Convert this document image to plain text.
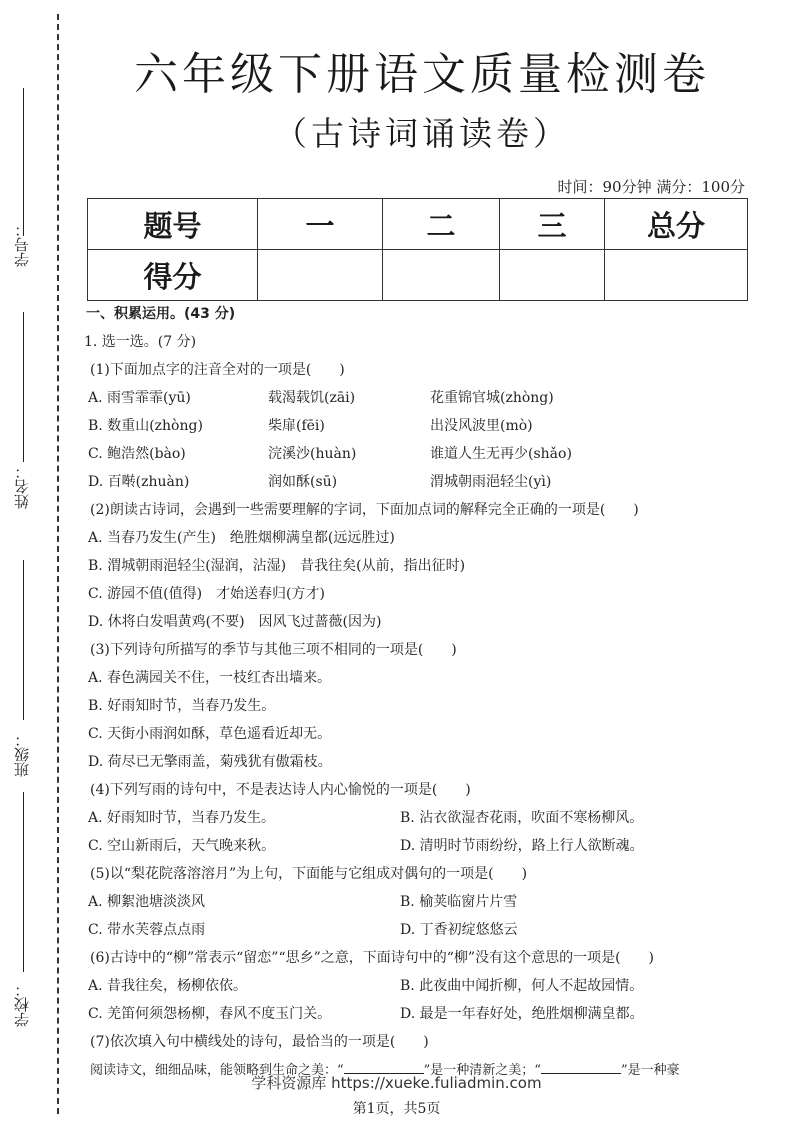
学号：
姓名：
班级：
学校：
六年级下册语文质量检测卷
（古诗词诵读卷）
时间：90分钟 满分：100分
题号	一	二	三	总分
得分				
一、积累运用。(43 分)
1. 选一选。(7 分)
(1)下面加点字的注音全对的一项是(　　)
A. 雨雪霏霏(yū)	载渴载饥(zāi)	花重锦官城(zhòng)
B. 数重山(zhòng)	柴扉(fēi)	出没风波里(mò)
C. 鲍浩然(bào)	浣溪沙(huàn)	谁道人生无再少(shǎo)
D. 百啭(zhuàn)	润如酥(sū)	渭城朝雨浥轻尘(yì)
(2)朗读古诗词，会遇到一些需要理解的字词，下面加点词的解释完全正确的一项是(　　)
A. 当春乃发生(产生)　绝胜烟柳满皇都(远远胜过)
B. 渭城朝雨浥轻尘(湿润，沾湿)　昔我往矣(从前，指出征时)
C. 游园不值(值得)　才始送春归(方才)
D. 休将白发唱黄鸡(不要)　因风飞过蔷薇(因为)
(3)下列诗句所描写的季节与其他三项不相同的一项是(　　)
A. 春色满园关不住，一枝红杏出墙来。
B. 好雨知时节，当春乃发生。
C. 天街小雨润如酥，草色遥看近却无。
D. 荷尽已无擎雨盖，菊残犹有傲霜枝。
(4)下列写雨的诗句中，不是表达诗人内心愉悦的一项是(　　)
A. 好雨知时节，当春乃发生。	B. 沾衣欲湿杏花雨，吹面不寒杨柳风。
C. 空山新雨后，天气晚来秋。	D. 清明时节雨纷纷，路上行人欲断魂。
(5)以“梨花院落溶溶月”为上句，下面能与它组成对偶句的一项是(　　)
A. 柳絮池塘淡淡风	B. 榆荚临窗片片雪
C. 带水芙蓉点点雨	D. 丁香初绽悠悠云
(6)古诗中的“柳”常表示“留恋”“思乡”之意，下面诗句中的“柳”没有这个意思的一项是(　　)
A. 昔我往矣，杨柳依依。	B. 此夜曲中闻折柳，何人不起故园情。
C. 羌笛何须怨杨柳，春风不度玉门关。	D. 最是一年春好处，绝胜烟柳满皇都。
(7)依次填入句中横线处的诗句，最恰当的一项是(　　)
阅读诗文，细细品味，能领略到生命之美：“	”是一种清新之美；“	”是一种豪
学科资源库 https://xueke.fuliadmin.com
第1页，共5页
